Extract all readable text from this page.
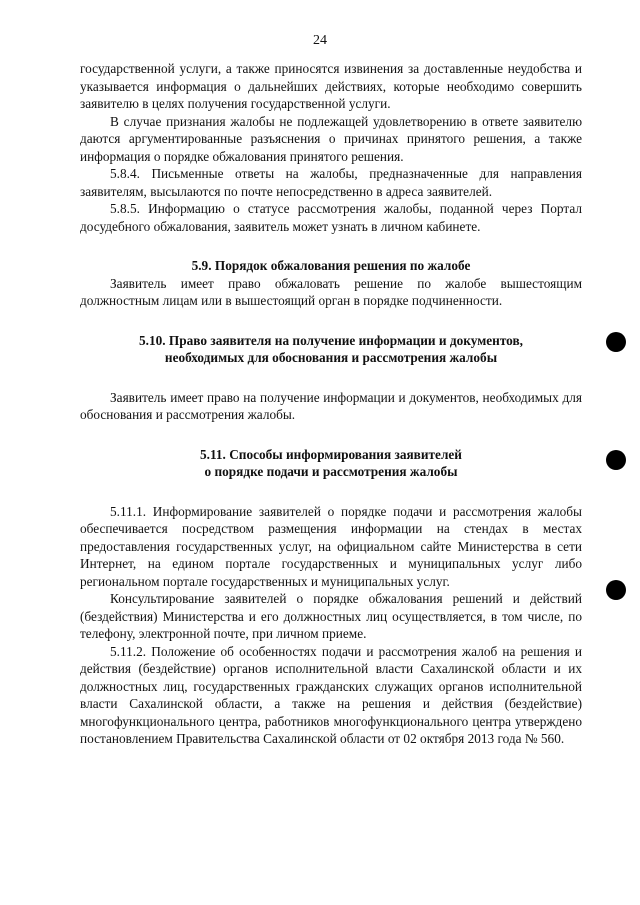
24

государственной услуги, а также приносятся извинения за доставленные неудобства и указывается информация о дальнейших действиях, которые необходимо совершить заявителю в целях получения государственной услуги.

В случае признания жалобы не подлежащей удовлетворению в ответе заявителю даются аргументированные разъяснения о причинах принятого решения, а также информация о порядке обжалования принятого решения.

5.8.4. Письменные ответы на жалобы, предназначенные для направления заявителям, высылаются по почте непосредственно в адреса заявителей.

5.8.5. Информацию о статусе рассмотрения жалобы, поданной через Портал досудебного обжалования, заявитель может узнать в личном кабинете.

5.9. Порядок обжалования решения по жалобе

Заявитель имеет право обжаловать решение по жалобе вышестоящим должностным лицам или в вышестоящий орган в порядке подчиненности.

5.10. Право заявителя на получение информации и документов,

необходимых для обоснования и рассмотрения жалобы

Заявитель имеет право на получение информации и документов, необходимых для обоснования и рассмотрения жалобы.

5.11. Способы информирования заявителей

о порядке подачи и рассмотрения жалобы

5.11.1. Информирование заявителей о порядке подачи и рассмотрения жалобы обеспечивается посредством размещения информации на стендах в местах предоставления государственных услуг, на официальном сайте Министерства в сети Интернет, на едином портале государственных и муниципальных услуг либо региональном портале государственных и муниципальных услуг.

Консультирование заявителей о порядке обжалования решений и действий (бездействия) Министерства и его должностных лиц осуществляется, в том числе, по телефону, электронной почте, при личном приеме.

5.11.2. Положение об особенностях подачи и рассмотрения жалоб на решения и действия (бездействие) органов исполнительной власти Сахалинской области и их должностных лиц, государственных гражданских служащих органов исполнительной власти Сахалинской области, а также на решения и действия (бездействие) многофункционального центра, работников многофункционального центра утверждено постановлением Правительства Сахалинской области от 02 октября 2013 года № 560.
